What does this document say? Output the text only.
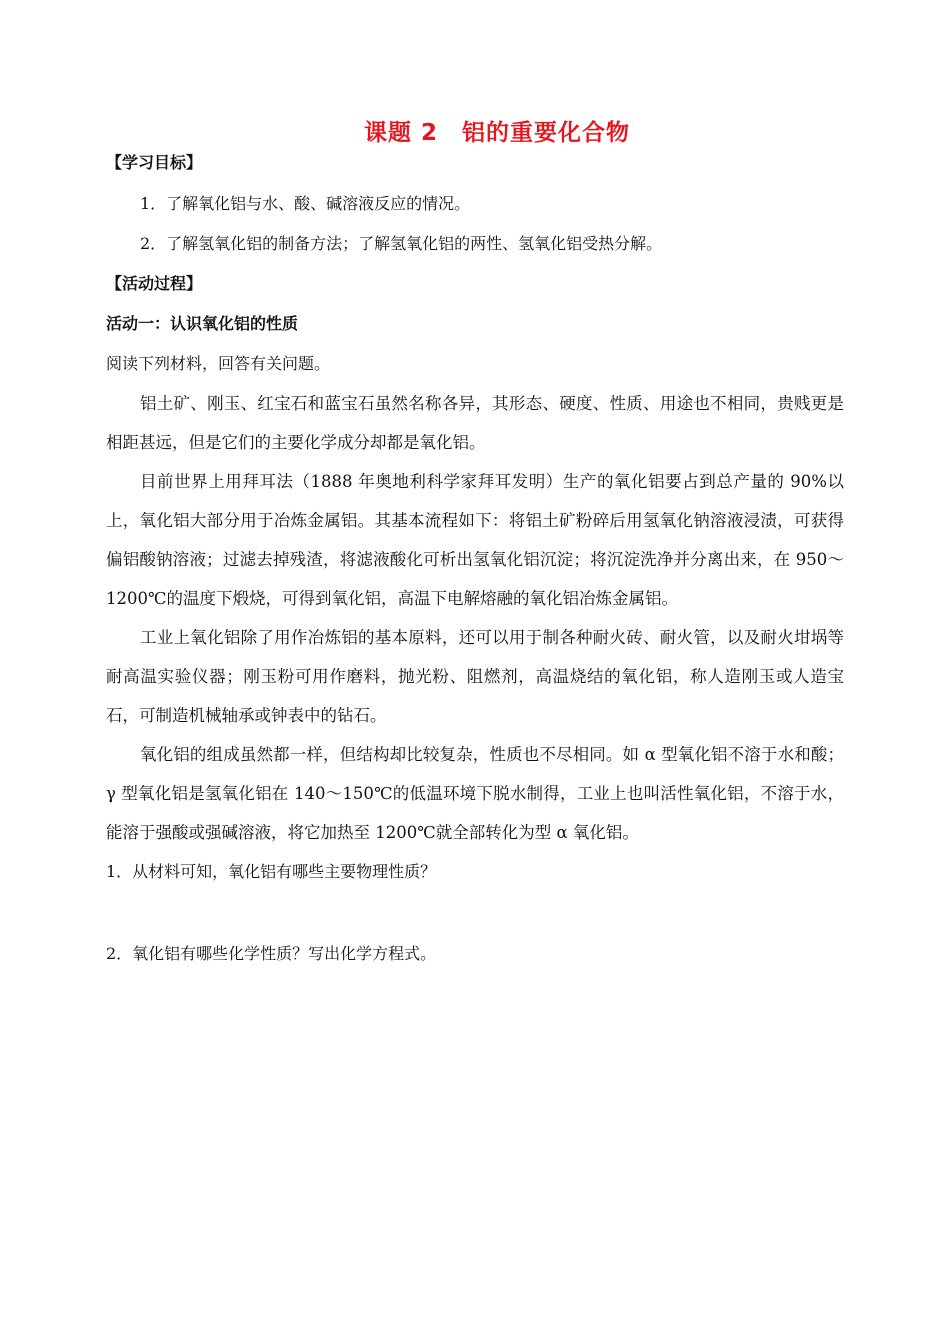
课题 2　铝的重要化合物

【学习目标】

1．了解氧化铝与水、酸、碱溶液反应的情况。

2．了解氢氧化铝的制备方法；了解氢氧化铝的两性、氢氧化铝受热分解。

【活动过程】

活动一：认识氧化铝的性质

阅读下列材料，回答有关问题。

铝土矿、刚玉、红宝石和蓝宝石虽然名称各异，其形态、硬度、性质、用途也不相同，贵贱更是相距甚远，但是它们的主要化学成分却都是氧化铝。

目前世界上用拜耳法（1888 年奥地利科学家拜耳发明）生产的氧化铝要占到总产量的 90%以上，氧化铝大部分用于冶炼金属铝。其基本流程如下：将铝土矿粉碎后用氢氧化钠溶液浸渍，可获得偏铝酸钠溶液；过滤去掉残渣，将滤液酸化可析出氢氧化铝沉淀；将沉淀洗净并分离出来，在 950～1200℃的温度下煅烧，可得到氧化铝，高温下电解熔融的氧化铝冶炼金属铝。

工业上氧化铝除了用作冶炼铝的基本原料，还可以用于制各种耐火砖、耐火管，以及耐火坩埚等耐高温实验仪器；刚玉粉可用作磨料，抛光粉、阻燃剂，高温烧结的氧化铝，称人造刚玉或人造宝石，可制造机械轴承或钟表中的钻石。

氧化铝的组成虽然都一样，但结构却比较复杂，性质也不尽相同。如 α 型氧化铝不溶于水和酸；γ 型氧化铝是氢氧化铝在 140～150℃的低温环境下脱水制得，工业上也叫活性氧化铝，不溶于水，能溶于强酸或强碱溶液，将它加热至 1200℃就全部转化为型 α 氧化铝。

1．从材料可知，氧化铝有哪些主要物理性质？

2．氧化铝有哪些化学性质？写出化学方程式。
